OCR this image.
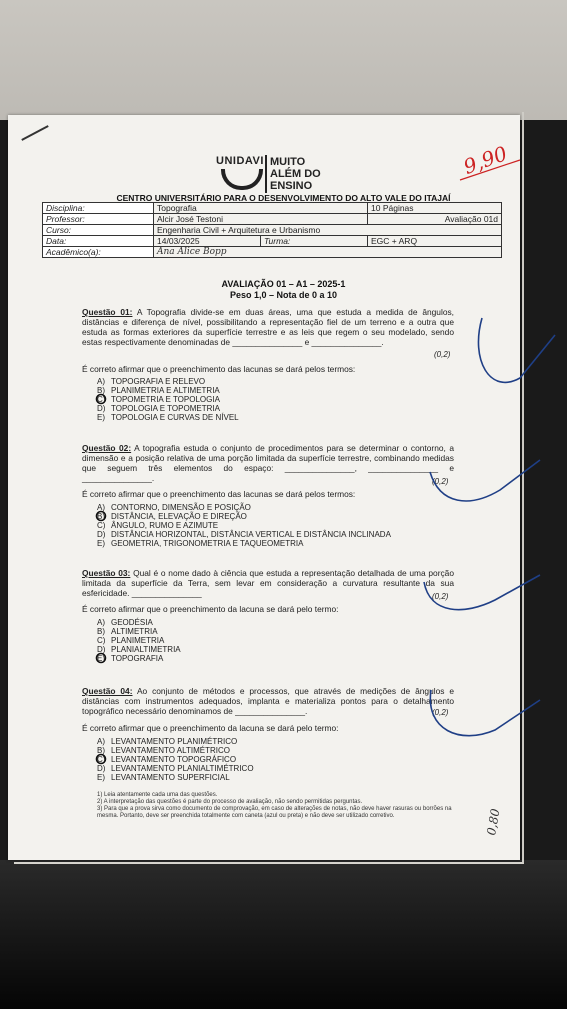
UNIDAVI MUITO
ALÉM DO
ENSINO
9,90
CENTRO UNIVERSITÁRIO PARA O DESENVOLVIMENTO DO ALTO VALE DO ITAJAÍ
Disciplina:	Topografia		10 Páginas
Professor:	Alcir José Testoni		Avaliação 01d
Curso:	Engenharia Civil + Arquitetura e Urbanismo		
Data:	14/03/2025	Turma:	EGC + ARQ
Acadêmico(a):	Ana Alice Bopp		
AVALIAÇÃO 01 – A1 – 2025-1
Peso 1,0 – Nota de 0 a 10
Questão 01: A Topografia divide-se em duas áreas, uma que estuda a medida de ângulos, distâncias e diferença de nível, possibilitando a representação fiel de um terreno e a outra que estuda as formas exteriores da superfície terrestre e as leis que regem o seu modelado, sendo estas respectivamente denominadas de _______________ e _______________.
(0,2)
É correto afirmar que o preenchimento das lacunas se dará pelos termos:
A) TOPOGRAFIA E RELEVO
B) PLANIMETRIA E ALTIMETRIA
C) TOPOMETRIA E TOPOLOGIA
D) TOPOLOGIA E TOPOMETRIA
E) TOPOLOGIA E CURVAS DE NÍVEL
Questão 02: A topografia estuda o conjunto de procedimentos para se determinar o contorno, a dimensão e a posição relativa de uma porção limitada da superfície terrestre, combinando medidas que seguem três elementos do espaço: _______________, _______________ e _______________.	(0,2)
É correto afirmar que o preenchimento das lacunas se dará pelos termos:
A) CONTORNO, DIMENSÃO E POSIÇÃO
B) DISTÂNCIA, ELEVAÇÃO E DIREÇÃO
C) ÂNGULO, RUMO E AZIMUTE
D) DISTÂNCIA HORIZONTAL, DISTÂNCIA VERTICAL E DISTÂNCIA INCLINADA
E) GEOMETRIA, TRIGONOMETRIA E TAQUEOMETRIA
Questão 03: Qual é o nome dado à ciência que estuda a representação detalhada de uma porção limitada da superfície da Terra, sem levar em consideração a curvatura resultante da sua esfericidade. _______________	(0,2)
É correto afirmar que o preenchimento da lacuna se dará pelo termo:
A) GEODÉSIA
B) ALTIMETRIA
C) PLANIMETRIA
D) PLANIALTIMETRIA
E) TOPOGRAFIA
Questão 04: Ao conjunto de métodos e processos, que através de medições de ângulos e distâncias com instrumentos adequados, implanta e materializa pontos para o detalhamento topográfico necessário denominamos de _______________.	(0,2)
É correto afirmar que o preenchimento da lacuna se dará pelo termo:
A) LEVANTAMENTO PLANIMÉTRICO
B) LEVANTAMENTO ALTIMÉTRICO
C) LEVANTAMENTO TOPOGRÁFICO
D) LEVANTAMENTO PLANIALTIMÉTRICO
E) LEVANTAMENTO SUPERFICIAL
1) Leia atentamente cada uma das questões.
2) A interpretação das questões é parte do processo de avaliação, não sendo permitidas perguntas.
3) Para que a prova sirva como documento de comprovação, em caso de alterações de notas, não deve haver rasuras ou borrões na mesma. Portanto, deve ser preenchida totalmente com caneta (azul ou preta) e não deve ser utilizado corretivo.	0,80
